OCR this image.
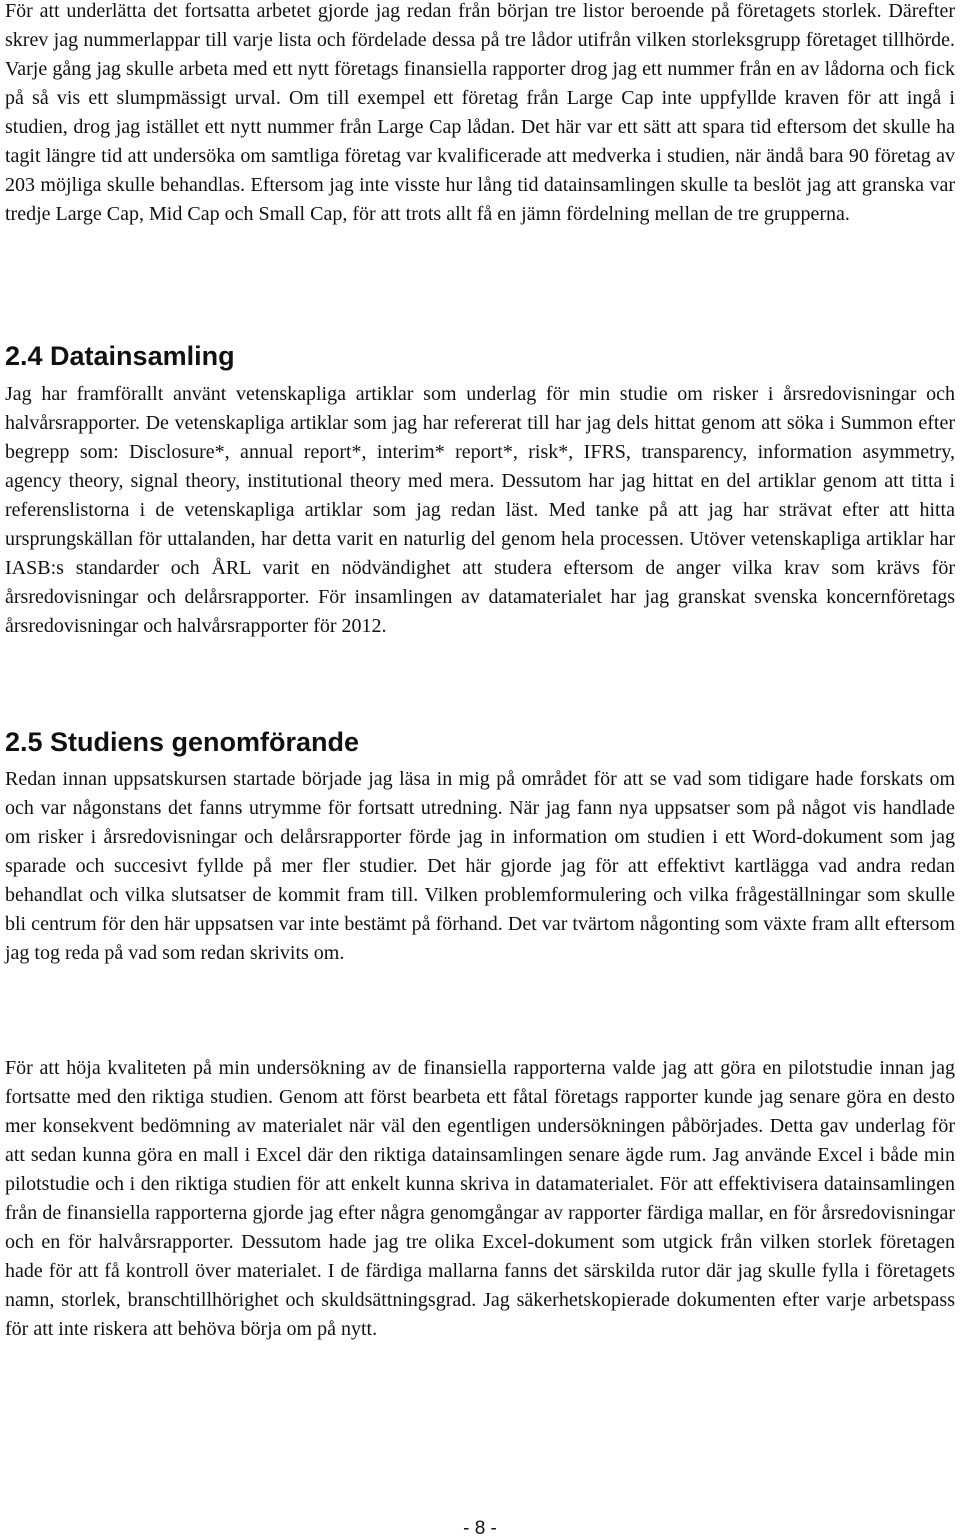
För att underlätta det fortsatta arbetet gjorde jag redan från början tre listor beroende på företagets storlek. Därefter skrev jag nummerlappar till varje lista och fördelade dessa på tre lådor utifrån vilken storleksgrupp företaget tillhörde. Varje gång jag skulle arbeta med ett nytt företags finansiella rapporter drog jag ett nummer från en av lådorna och fick på så vis ett slumpmässigt urval. Om till exempel ett företag från Large Cap inte uppfyllde kraven för att ingå i studien, drog jag istället ett nytt nummer från Large Cap lådan. Det här var ett sätt att spara tid eftersom det skulle ha tagit längre tid att undersöka om samtliga företag var kvalificerade att medverka i studien, när ändå bara 90 företag av 203 möjliga skulle behandlas. Eftersom jag inte visste hur lång tid datainsamlingen skulle ta beslöt jag att granska var tredje Large Cap, Mid Cap och Small Cap, för att trots allt få en jämn fördelning mellan de tre grupperna.

2.4 Datainsamling

Jag har framförallt använt vetenskapliga artiklar som underlag för min studie om risker i årsredovisningar och halvårsrapporter. De vetenskapliga artiklar som jag har refererat till har jag dels hittat genom att söka i Summon efter begrepp som: Disclosure*, annual report*, interim* report*, risk*, IFRS, transparency, information asymmetry, agency theory, signal theory, institutional theory med mera. Dessutom har jag hittat en del artiklar genom att titta i referenslistorna i de vetenskapliga artiklar som jag redan läst. Med tanke på att jag har strävat efter att hitta ursprungskällan för uttalanden, har detta varit en naturlig del genom hela processen. Utöver vetenskapliga artiklar har IASB:s standarder och ÅRL varit en nödvändighet att studera eftersom de anger vilka krav som krävs för årsredovisningar och delårsrapporter. För insamlingen av datamaterialet har jag granskat svenska koncernföretags årsredovisningar och halvårsrapporter för 2012.

2.5 Studiens genomförande

Redan innan uppsatskursen startade började jag läsa in mig på området för att se vad som tidigare hade forskats om och var någonstans det fanns utrymme för fortsatt utredning. När jag fann nya uppsatser som på något vis handlade om risker i årsredovisningar och delårsrapporter förde jag in information om studien i ett Word-dokument som jag sparade och succesivt fyllde på mer fler studier. Det här gjorde jag för att effektivt kartlägga vad andra redan behandlat och vilka slutsatser de kommit fram till. Vilken problemformulering och vilka frågeställningar som skulle bli centrum för den här uppsatsen var inte bestämt på förhand. Det var tvärtom någonting som växte fram allt eftersom jag tog reda på vad som redan skrivits om.

För att höja kvaliteten på min undersökning av de finansiella rapporterna valde jag att göra en pilotstudie innan jag fortsatte med den riktiga studien. Genom att först bearbeta ett fåtal företags rapporter kunde jag senare göra en desto mer konsekvent bedömning av materialet när väl den egentligen undersökningen påbörjades. Detta gav underlag för att sedan kunna göra en mall i Excel där den riktiga datainsamlingen senare ägde rum. Jag använde Excel i både min pilotstudie och i den riktiga studien för att enkelt kunna skriva in datamaterialet. För att effektivisera datainsamlingen från de finansiella rapporterna gjorde jag efter några genomgångar av rapporter färdiga mallar, en för årsredovisningar och en för halvårsrapporter. Dessutom hade jag tre olika Excel-dokument som utgick från vilken storlek företagen hade för att få kontroll över materialet. I de färdiga mallarna fanns det särskilda rutor där jag skulle fylla i företagets namn, storlek, branschtillhörighet och skuldsättningsgrad. Jag säkerhetskopierade dokumenten efter varje arbetspass för att inte riskera att behöva börja om på nytt.

- 8 -
